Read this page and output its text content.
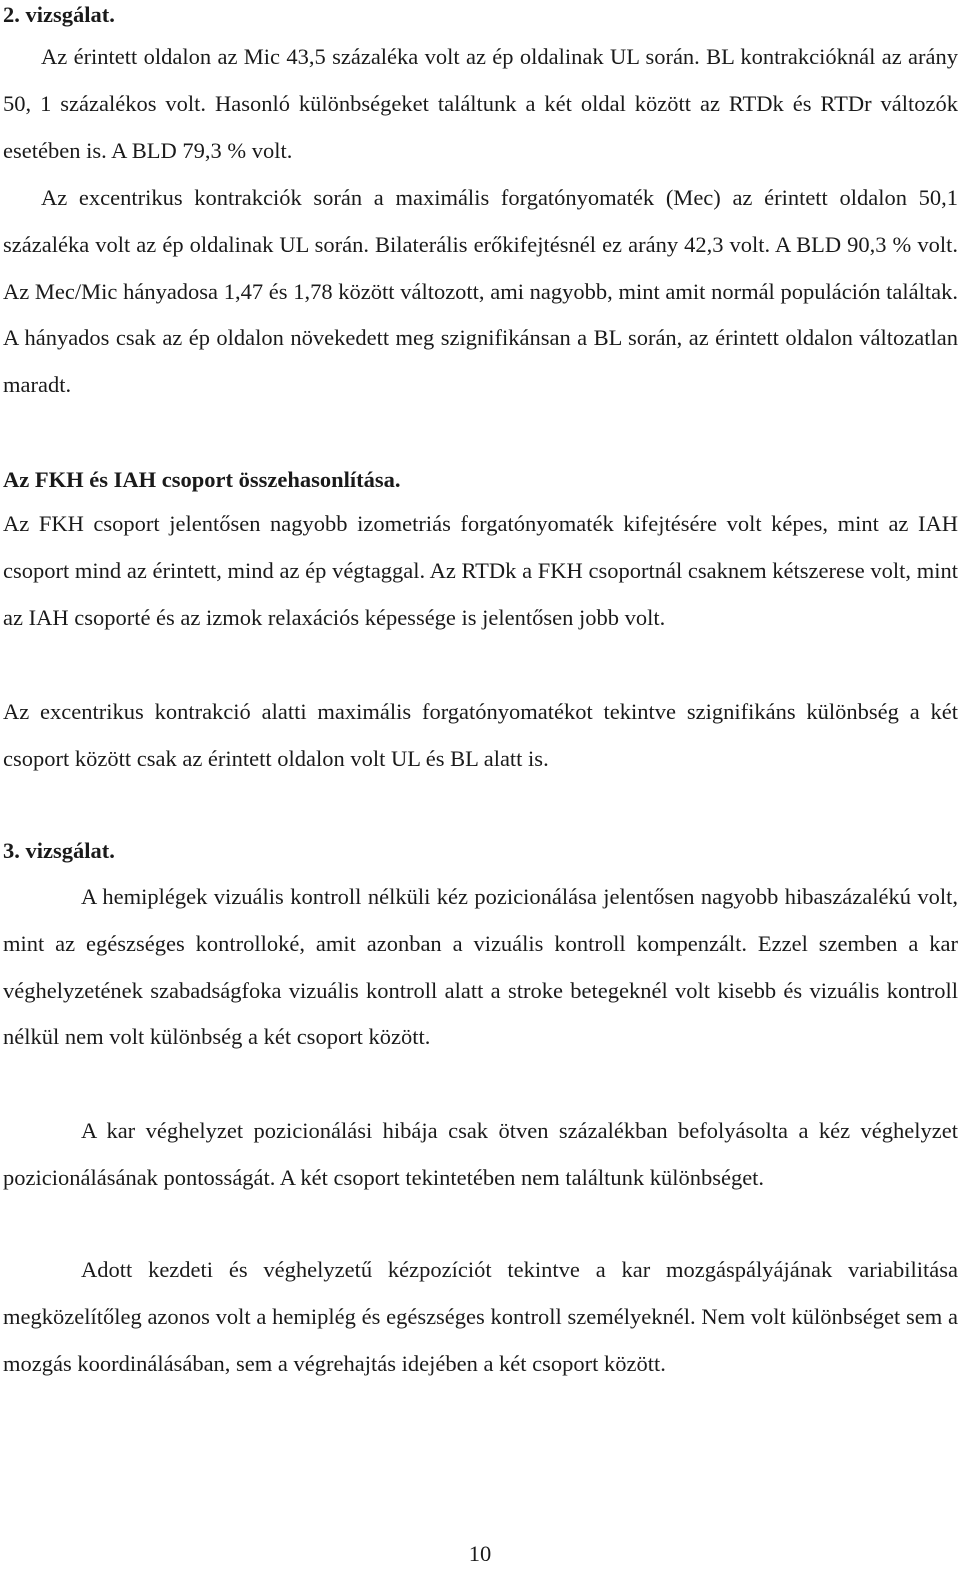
2. vizsgálat.

Az érintett oldalon az Mic 43,5 százaléka volt az ép oldalinak UL során. BL kontrakcióknál az arány 50, 1 százalékos volt. Hasonló különbségeket találtunk a két oldal között az RTDk és RTDr változók esetében is. A BLD 79,3 % volt.

Az excentrikus kontrakciók során a maximális forgatónyomaték (Mec) az érintett oldalon 50,1 százaléka volt az ép oldalinak UL során. Bilaterális erőkifejtésnél ez arány 42,3 volt. A BLD 90,3 % volt. Az Mec/Mic hányadosa 1,47 és 1,78 között változott, ami nagyobb, mint amit normál populáción találtak. A hányados csak az ép oldalon növekedett meg szignifikánsan a BL során, az érintett oldalon változatlan maradt.

Az FKH és IAH csoport összehasonlítása.

Az FKH csoport jelentősen nagyobb izometriás forgatónyomaték kifejtésére volt képes, mint az IAH csoport mind az érintett, mind az ép végtaggal. Az RTDk a FKH csoportnál csaknem kétszerese volt, mint az IAH csoporté és az izmok relaxációs képessége is jelentősen jobb volt.

Az excentrikus kontrakció alatti maximális forgatónyomatékot tekintve szignifikáns különbség a két csoport között csak az érintett oldalon volt UL és BL alatt is.

3. vizsgálat.

A hemiplégek vizuális kontroll nélküli kéz pozicionálása jelentősen nagyobb hibaszázalékú volt, mint az egészséges kontrolloké, amit azonban a vizuális kontroll kompenzált. Ezzel szemben a kar véghelyzetének szabadságfoka vizuális kontroll alatt a stroke betegeknél volt kisebb és vizuális kontroll nélkül nem volt különbség a két csoport között.

A kar véghelyzet pozicionálási hibája csak ötven százalékban befolyásolta a kéz véghelyzet pozicionálásának pontosságát. A két csoport tekintetében nem találtunk különbséget.

Adott kezdeti és véghelyzetű kézpozíciót tekintve a kar mozgáspályájának variabilitása megközelítőleg azonos volt a hemiplég és egészséges kontroll személyeknél. Nem volt különbséget sem a mozgás koordinálásában, sem a végrehajtás idejében a két csoport között.

10
